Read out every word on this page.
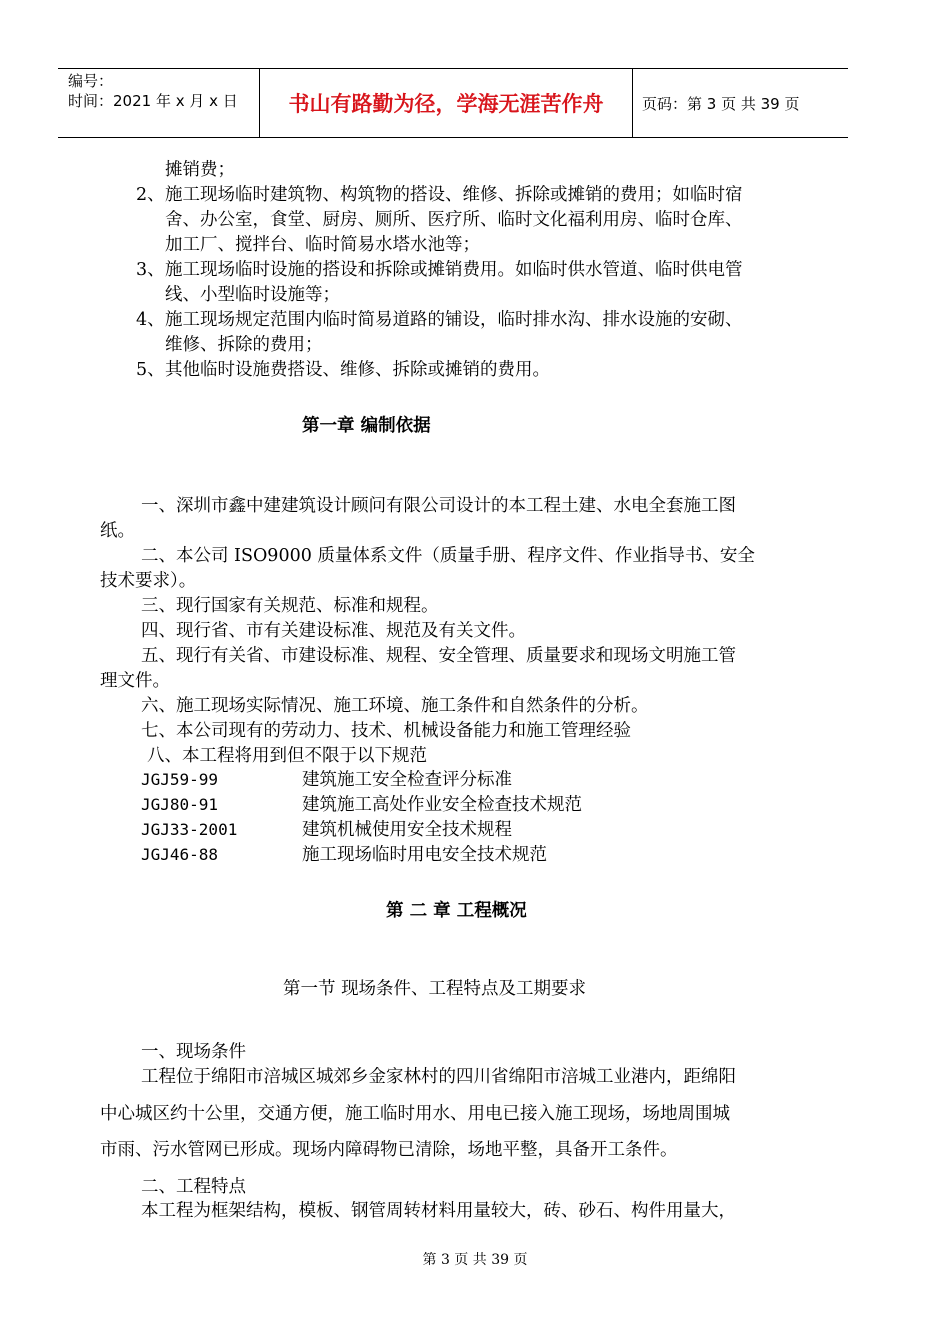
编号：
时间：2021 年 x 月 x 日	书山有路勤为径，学海无涯苦作舟	页码：第 3 页 共 39 页
摊销费；
2、 施工现场临时建筑物、构筑物的搭设、维修、拆除或摊销的费用；如临时宿
舍、办公室，食堂、厨房、厕所、医疗所、临时文化福利用房、临时仓库、
加工厂、搅拌台、临时简易水塔水池等；
3、 施工现场临时设施的搭设和拆除或摊销费用。如临时供水管道、临时供电管
线、小型临时设施等；
4、 施工现场规定范围内临时简易道路的铺设，临时排水沟、排水设施的安砌、
维修、拆除的费用；
5、 其他临时设施费搭设、维修、拆除或摊销的费用。
第一章 编制依据
一、深圳市鑫中建建筑设计顾问有限公司设计的本工程土建、水电全套施工图
纸。
二、本公司 ISO9000 质量体系文件（质量手册、程序文件、作业指导书、安全
技术要求）。
三、现行国家有关规范、标准和规程。
四、现行省、市有关建设标准、规范及有关文件。
五、现行有关省、市建设标准、规程、安全管理、质量要求和现场文明施工管
理文件。
六、施工现场实际情况、施工环境、施工条件和自然条件的分析。
七、本公司现有的劳动力、技术、机械设备能力和施工管理经验
八、本工程将用到但不限于以下规范
JGJ59-99	建筑施工安全检查评分标准
JGJ80-91	建筑施工高处作业安全检查技术规范
JGJ33-2001	建筑机械使用安全技术规程
JGJ46-88	施工现场临时用电安全技术规范
第 二 章 工程概况
第一节 现场条件、工程特点及工期要求
一、现场条件
工程位于绵阳市涪城区城郊乡金家林村的四川省绵阳市涪城工业港内，距绵阳
中心城区约十公里，交通方便，施工临时用水、用电已接入施工现场，场地周围城
市雨、污水管网已形成。现场内障碍物已清除，场地平整，具备开工条件。
二、工程特点
本工程为框架结构，模板、钢管周转材料用量较大，砖、砂石、构件用量大，
第 3 页 共 39 页
